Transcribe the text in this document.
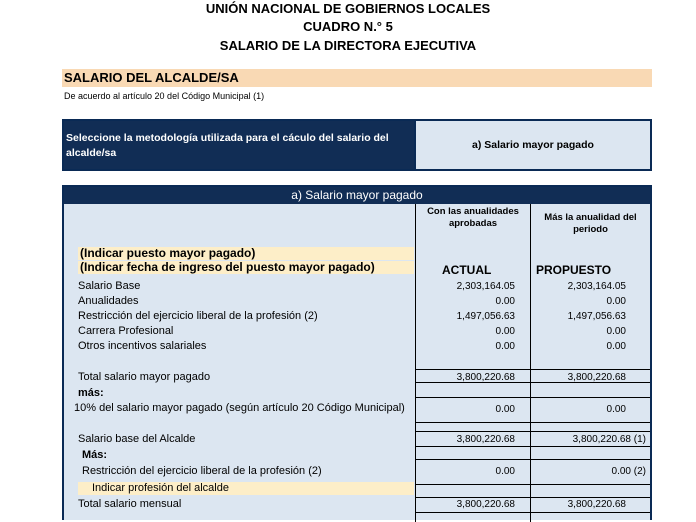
UNIÓN NACIONAL DE GOBIERNOS LOCALES
CUADRO N.° 5
SALARIO DE LA DIRECTORA EJECUTIVA
SALARIO DEL ALCALDE/SA
De acuerdo al artículo 20 del Código Municipal (1)
Seleccione la metodología utilizada para el cáculo del salario del alcalde/sa
a) Salario mayor pagado
a) Salario mayor pagado
Con las anualidades aprobadas
Más la anualidad del periodo
(Indicar puesto mayor pagado)
(Indicar fecha de ingreso del puesto mayor pagado)	ACTUAL	PROPUESTO
Salario Base	2,303,164.05	2,303,164.05
Anualidades	0.00	0.00
Restricción del ejercicio liberal de la profesión (2)	1,497,056.63	1,497,056.63
Carrera Profesional	0.00	0.00
Otros incentivos salariales	0.00	0.00
Total salario mayor pagado	3,800,220.68	3,800,220.68
más:
10% del salario mayor pagado (según artículo 20 Código Municipal)	0.00	0.00
Salario base del Alcalde	3,800,220.68	3,800,220.68 (1)
Más:
Restricción del ejercicio liberal de la profesión (2)	0.00	0.00 (2)
Indicar profesión del alcalde
Total salario mensual	3,800,220.68	3,800,220.68
